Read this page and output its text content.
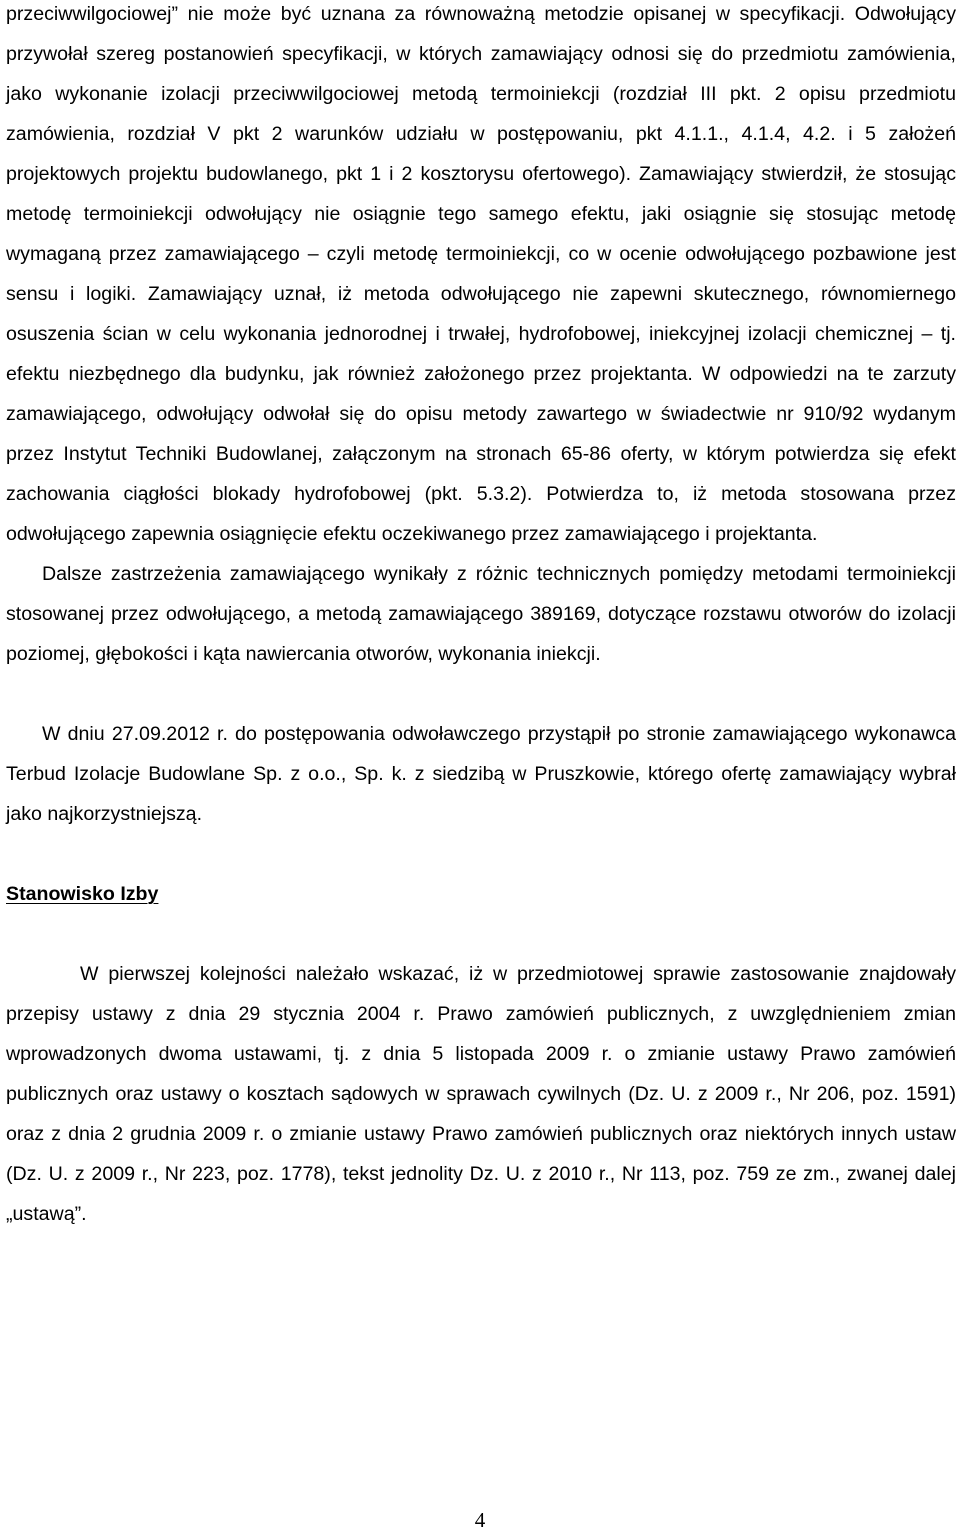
przeciwwilgociowej” nie może być uznana za równoważną metodzie opisanej w specyfikacji. Odwołujący przywołał szereg postanowień specyfikacji, w których zamawiający odnosi się do przedmiotu zamówienia, jako wykonanie izolacji przeciwwilgociowej metodą termoiniekcji (rozdział III pkt. 2 opisu przedmiotu zamówienia, rozdział V pkt 2 warunków udziału w postępowaniu, pkt 4.1.1., 4.1.4, 4.2. i 5 założeń projektowych projektu budowlanego, pkt 1 i 2 kosztorysu ofertowego). Zamawiający stwierdził, że stosując metodę termoiniekcji odwołujący nie osiągnie tego samego efektu, jaki osiągnie się stosując metodę wymaganą przez zamawiającego – czyli metodę termoiniekcji, co w ocenie odwołującego pozbawione jest sensu i logiki. Zamawiający uznał, iż metoda odwołującego nie zapewni skutecznego, równomiernego osuszenia ścian w celu wykonania jednorodnej i trwałej, hydrofobowej, iniekcyjnej izolacji chemicznej – tj. efektu niezbędnego dla budynku, jak również założonego przez projektanta. W odpowiedzi na te zarzuty zamawiającego, odwołujący odwołał się do opisu metody zawartego w świadectwie nr 910/92 wydanym przez Instytut Techniki Budowlanej, załączonym na stronach 65-86 oferty, w którym potwierdza się efekt zachowania ciągłości blokady hydrofobowej (pkt. 5.3.2). Potwierdza to, iż metoda stosowana przez odwołującego zapewnia osiągnięcie efektu oczekiwanego przez zamawiającego i projektanta.

Dalsze zastrzeżenia zamawiającego wynikały z różnic technicznych pomiędzy metodami termoiniekcji stosowanej przez odwołującego, a metodą zamawiającego 389169, dotyczące rozstawu otworów do izolacji poziomej, głębokości i kąta nawiercania otworów, wykonania iniekcji.

W dniu 27.09.2012 r. do postępowania odwoławczego przystąpił po stronie zamawiającego wykonawca Terbud Izolacje Budowlane Sp. z o.o., Sp. k. z siedzibą w Pruszkowie, którego ofertę zamawiający wybrał jako najkorzystniejszą.

Stanowisko Izby

W pierwszej kolejności należało wskazać, iż w przedmiotowej sprawie zastosowanie znajdowały przepisy ustawy z dnia 29 stycznia 2004 r. Prawo zamówień publicznych, z uwzględnieniem zmian wprowadzonych dwoma ustawami, tj. z dnia 5 listopada 2009 r. o zmianie ustawy Prawo zamówień publicznych oraz ustawy o kosztach sądowych w sprawach cywilnych (Dz. U. z 2009 r., Nr 206, poz. 1591) oraz z dnia 2 grudnia 2009 r. o zmianie ustawy Prawo zamówień publicznych oraz niektórych innych ustaw (Dz. U. z 2009 r., Nr 223, poz. 1778), tekst jednolity Dz. U. z 2010 r., Nr 113, poz. 759 ze zm., zwanej dalej „ustawą”.

4
